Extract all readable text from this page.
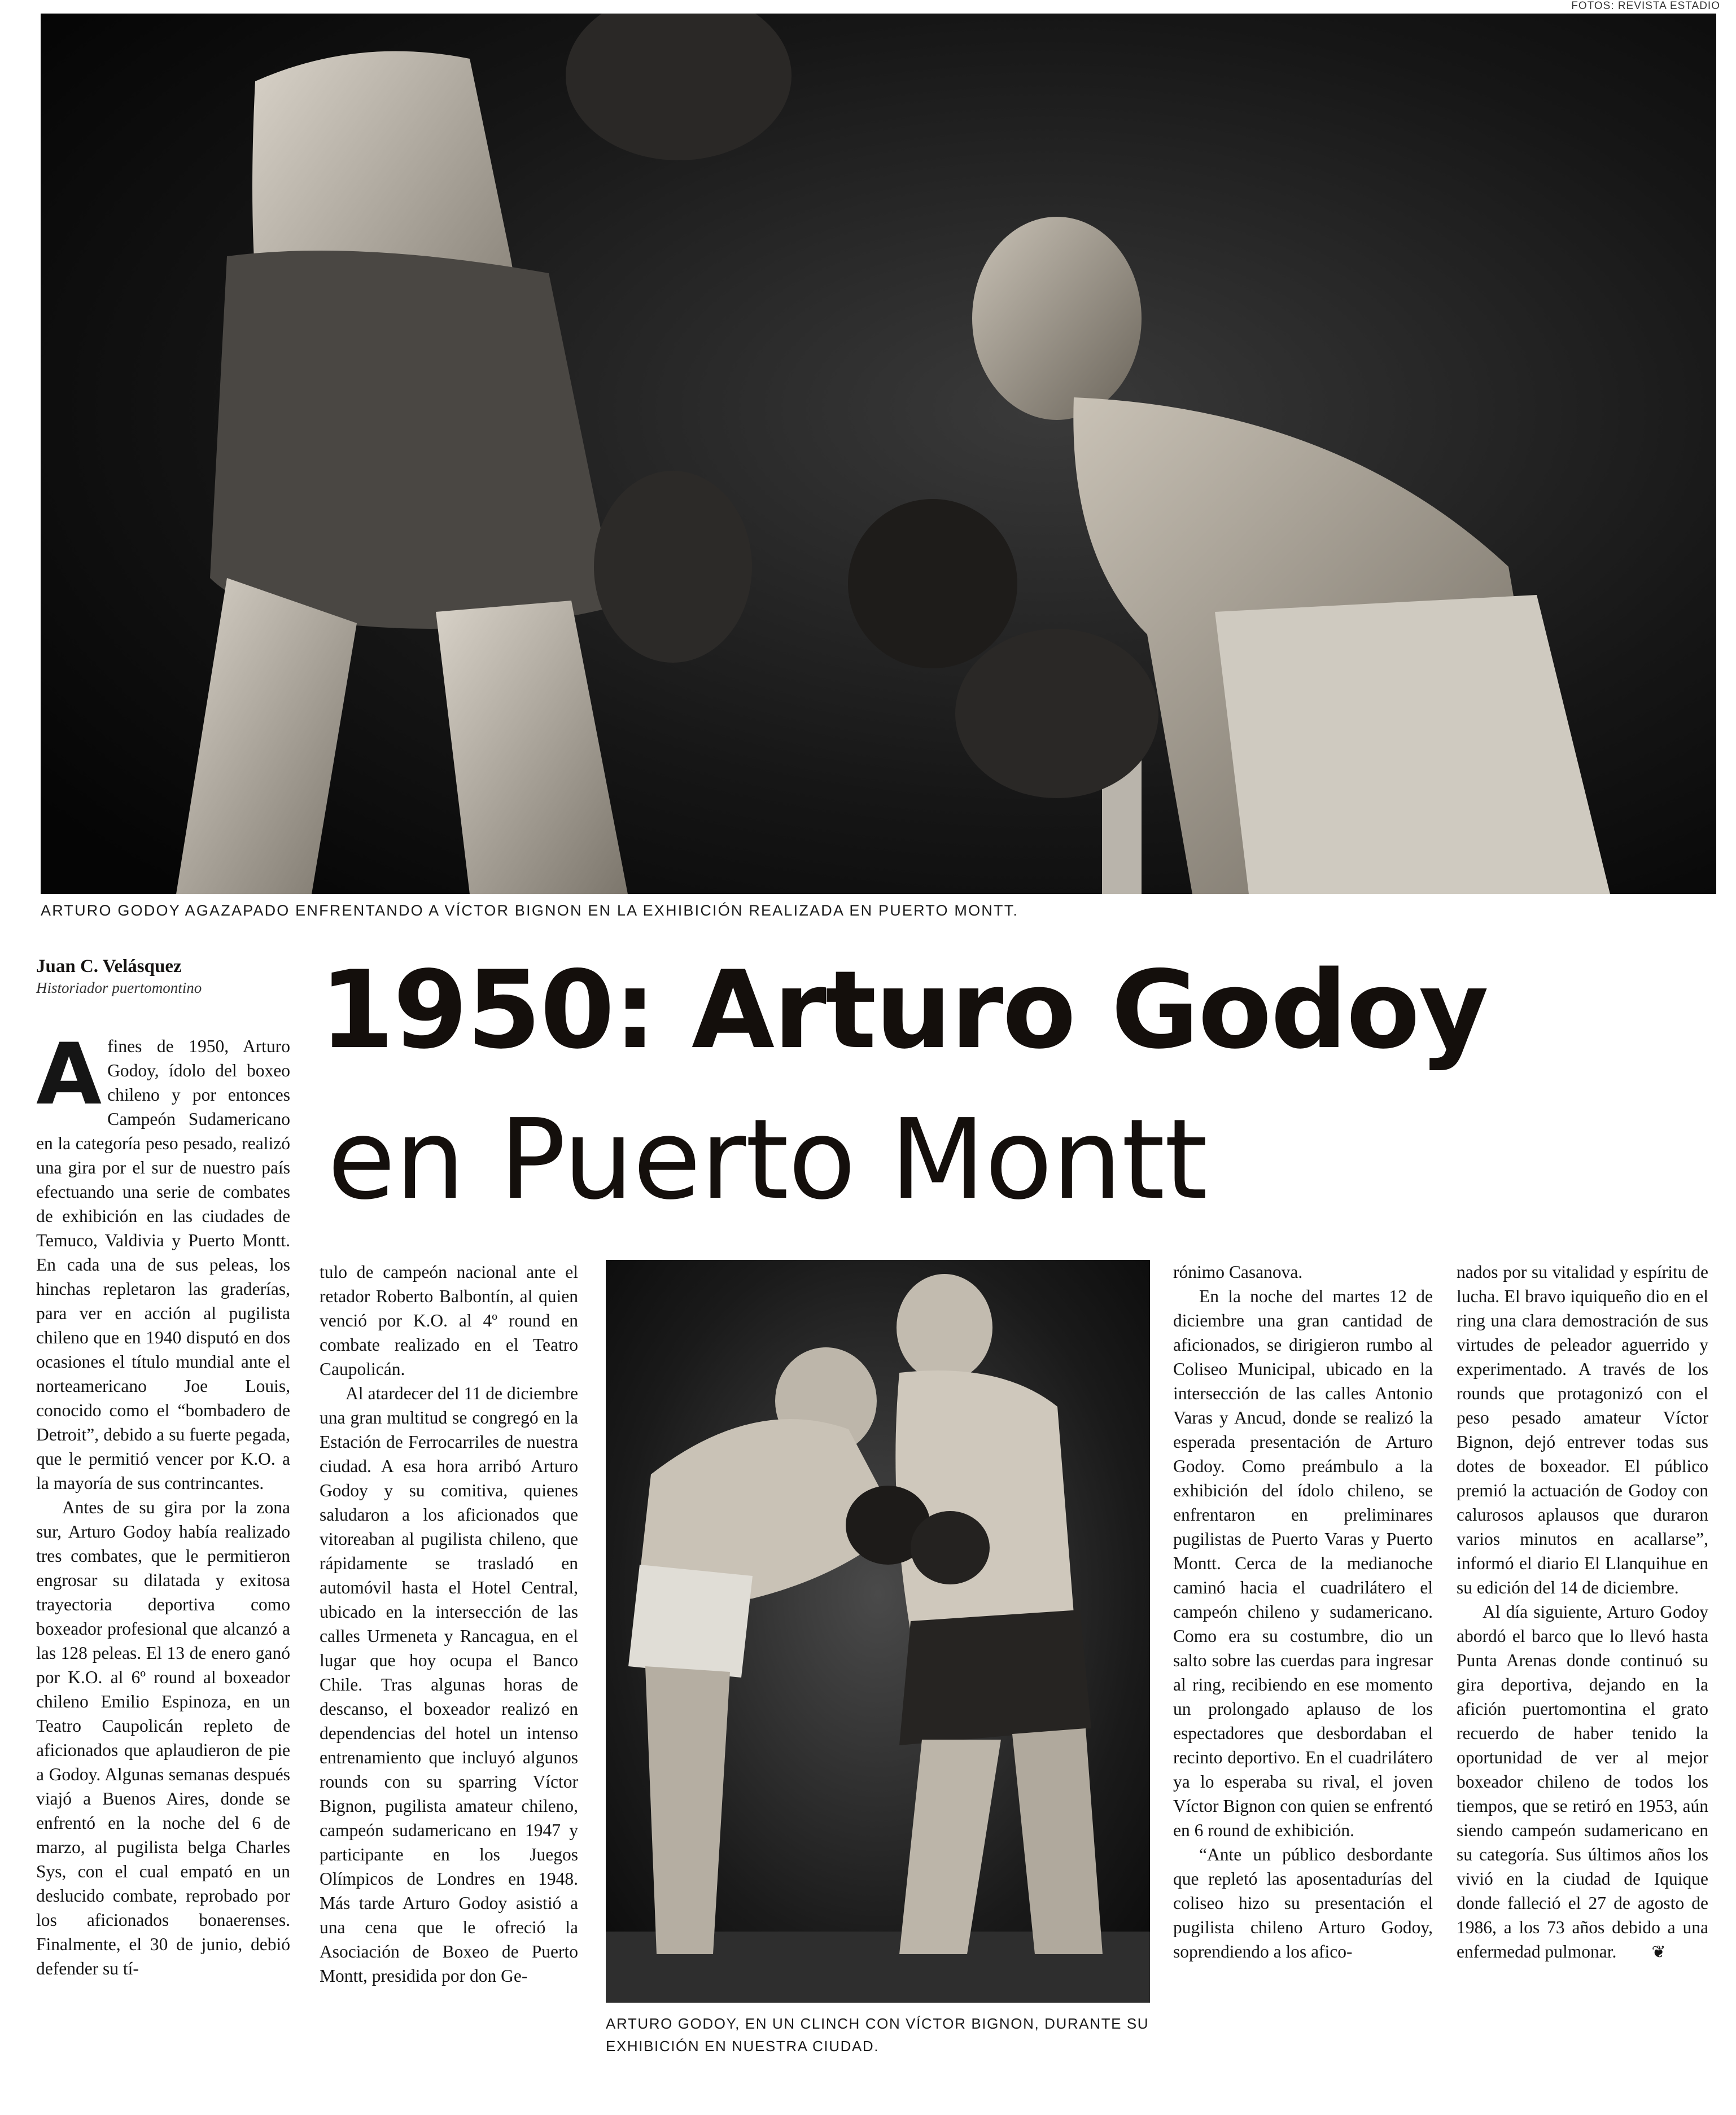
FOTOS: REVISTA ESTADIO
ARTURO GODOY AGAZAPADO ENFRENTANDO A VÍCTOR BIGNON EN LA EXHIBICIÓN REALIZADA EN PUERTO MONTT.
Juan C. Velásquez
Historiador puertomontino 1950: Arturo Godoy
en Puerto Montt

Afines de 1950, Arturo Godoy, ídolo del boxeo chileno y por entonces Campeón Sudamericano en la categoría peso pesado, realizó una gira por el sur de nuestro país efectuando una serie de combates de exhibición en las ciudades de Temuco, Valdivia y Puerto Montt. En cada una de sus peleas, los hinchas repletaron las graderías, para ver en acción al pugilista chileno que en 1940 disputó en dos ocasiones el título mundial ante el norteamericano Joe Louis, conocido como el “bombadero de Detroit”, debido a su fuerte pegada, que le permitió vencer por K.O. a la mayoría de sus contrincantes.

Antes de su gira por la zona sur, Arturo Godoy había realizado tres combates, que le permitieron engrosar su dilatada y exitosa trayectoria deportiva como boxeador profesional que alcanzó a las 128 peleas. El 13 de enero ganó por K.O. al 6º round al boxeador chileno Emilio Espinoza, en un Teatro Caupolicán repleto de aficionados que aplaudieron de pie a Godoy. Algunas semanas después viajó a Buenos Aires, donde se enfrentó en la noche del 6 de marzo, al pugilista belga Charles Sys, con el cual empató en un deslucido combate, reprobado por los aficionados bonaerenses. Finalmente, el 30 de junio, debió defender su tí-

tulo de campeón nacional ante el retador Roberto Balbontín, al quien venció por K.O. al 4º round en combate realizado en el Teatro Caupolicán.

Al atardecer del 11 de diciembre una gran multitud se congregó en la Estación de Ferrocarriles de nuestra ciudad. A esa hora arribó Arturo Godoy y su comitiva, quienes saludaron a los aficionados que vitoreaban al pugilista chileno, que rápidamente se trasladó en automóvil hasta el Hotel Central, ubicado en la intersección de las calles Urmeneta y Rancagua, en el lugar que hoy ocupa el Banco Chile. Tras algunas horas de descanso, el boxeador realizó en dependencias del hotel un intenso entrenamiento que incluyó algunos rounds con su sparring Víctor Bignon, pugilista amateur chileno, campeón sudamericano en 1947 y participante en los Juegos Olímpicos de Londres en 1948. Más tarde Arturo Godoy asistió a una cena que le ofreció la Asociación de Boxeo de Puerto Montt, presidida por don Ge-

ARTURO GODOY, EN UN CLINCH CON VÍCTOR BIGNON, DURANTE SU EXHIBICIÓN EN NUESTRA CIUDAD.

rónimo Casanova.

En la noche del martes 12 de diciembre una gran cantidad de aficionados, se dirigieron rumbo al Coliseo Municipal, ubicado en la intersección de las calles Antonio Varas y Ancud, donde se realizó la esperada presentación de Arturo Godoy. Como preámbulo a la exhibición del ídolo chileno, se enfrentaron en preliminares pugilistas de Puerto Varas y Puerto Montt. Cerca de la medianoche caminó hacia el cuadrilátero el campeón chileno y sudamericano. Como era su costumbre, dio un salto sobre las cuerdas para ingresar al ring, recibiendo en ese momento un prolongado aplauso de los espectadores que desbordaban el recinto deportivo. En el cuadrilátero ya lo esperaba su rival, el joven Víctor Bignon con quien se enfrentó en 6 round de exhibición.

“Ante un público desbordante que repletó las aposentadurías del coliseo hizo su presentación el pugilista chileno Arturo Godoy, soprendiendo a los afico-

nados por su vitalidad y espíritu de lucha. El bravo iquiqueño dio en el ring una clara demostración de sus virtudes de peleador aguerrido y experimentado. A través de los rounds que protagonizó con el peso pesado amateur Víctor Bignon, dejó entrever todas sus dotes de boxeador. El público premió la actuación de Godoy con calurosos aplausos que duraron varios minutos en acallarse”, informó el diario El Llanquihue en su edición del 14 de diciembre.

Al día siguiente, Arturo Godoy abordó el barco que lo llevó hasta Punta Arenas donde continuó su gira deportiva, dejando en la afición puertomontina el grato recuerdo de haber tenido la oportunidad de ver al mejor boxeador chileno de todos los tiempos, que se retiró en 1953, aún siendo campeón sudamericano en su categoría. Sus últimos años los vivió en la ciudad de Iquique donde falleció el 27 de agosto de 1986, a los 73 años debido a una enfermedad pulmonar. ❦
